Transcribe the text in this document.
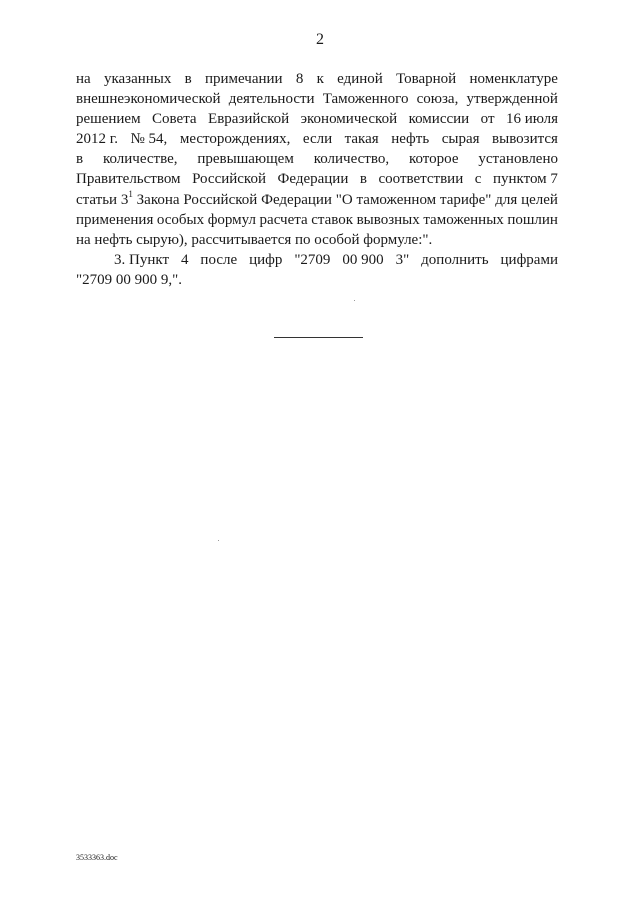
2
на указанных в примечании 8 к единой Товарной номенклатуре
внешнеэкономической деятельности Таможенного союза, утвержденной
решением Совета Евразийской экономической комиссии от 16 июля
2012 г. № 54, месторождениях, если такая нефть сырая вывозится
в количестве, превышающем количество, которое установлено
Правительством Российской Федерации в соответствии с пунктом 7
статьи $3^1$ Закона Российской Федерации "О таможенном тарифе" для целей
применения особых формул расчета ставок вывозных таможенных пошлин
на нефть сырую), рассчитывается по особой формуле:".
3. Пункт 4 после цифр "2709 00 900 3" дополнить цифрами
"2709 00 900 9,".
3533363.doc
